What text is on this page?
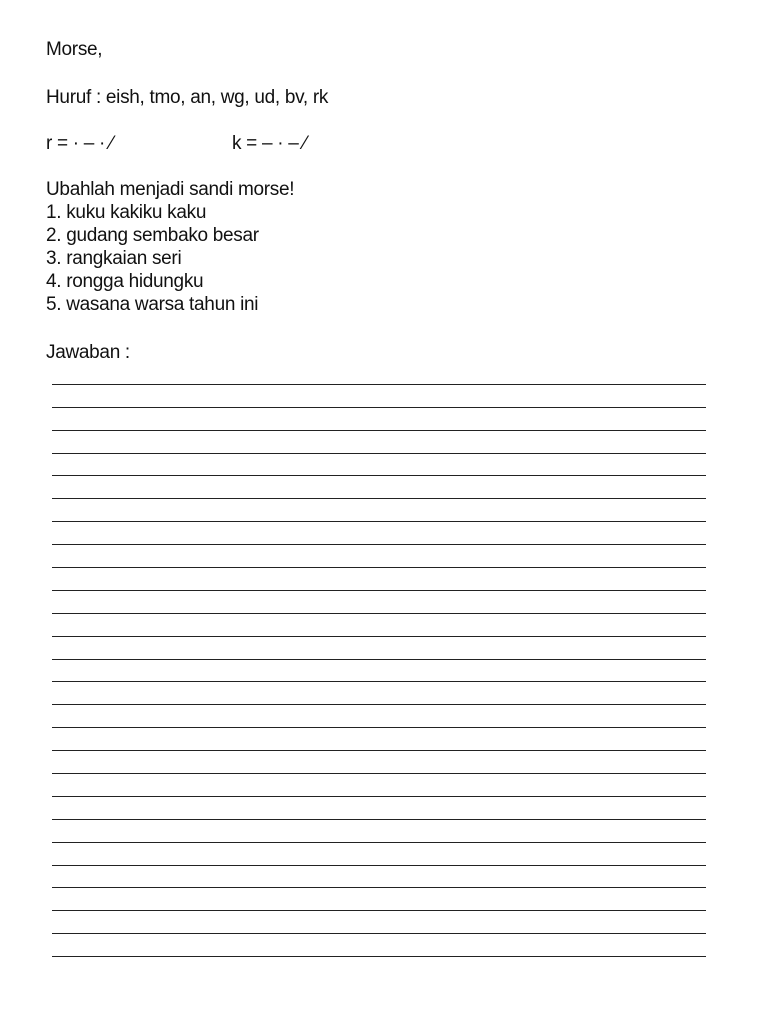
Morse,
Huruf : eish, tmo, an, wg, ud, bv, rk
r = · ‒ · ⁄	k = ‒ · ‒ ⁄
Ubahlah menjadi sandi morse!
1. kuku kakiku kaku
2. gudang sembako besar
3. rangkaian seri
4. rongga hidungku
5. wasana warsa tahun ini
Jawaban :
